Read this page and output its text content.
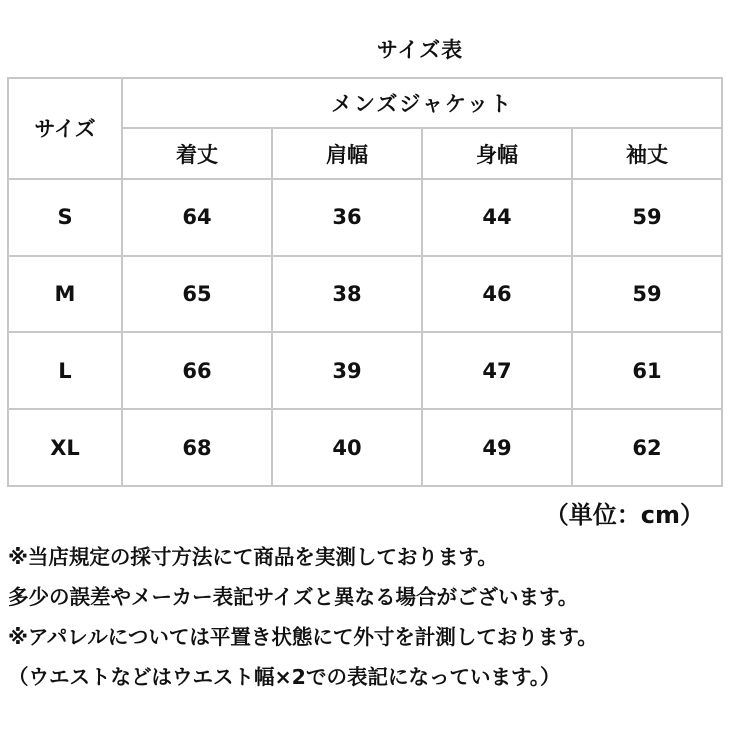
サイズ表
サイズ	メンズジャケット			
	着丈	肩幅	身幅	袖丈
S	64	36	44	59
M	65	38	46	59
L	66	39	47	61
XL	68	40	49	62
（単位：cm）
※当店規定の採寸方法にて商品を実測しております。
多少の誤差やメーカー表記サイズと異なる場合がございます。
※アパレルについては平置き状態にて外寸を計測しております。
（ウエストなどはウエスト幅×2での表記になっています。）
